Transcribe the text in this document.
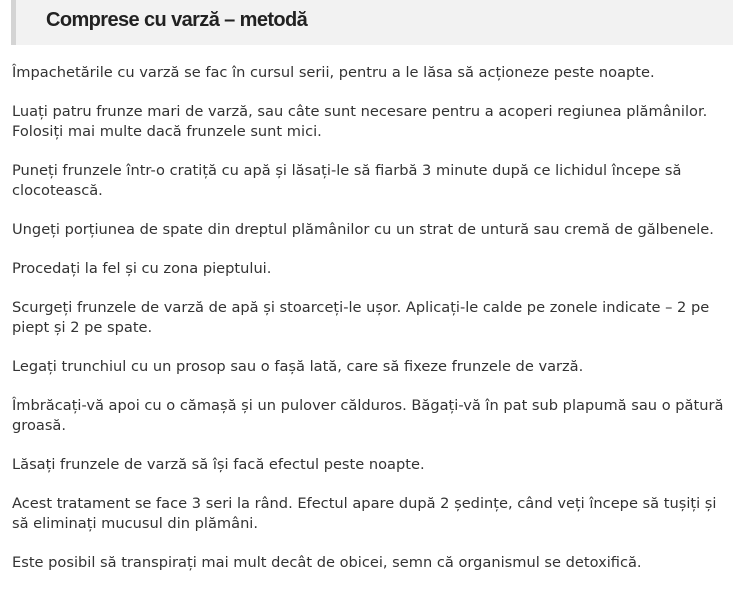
Comprese cu varză – metodă

Împachetările cu varză se fac în cursul serii, pentru a le lăsa să acționeze peste noapte.

Luați patru frunze mari de varză, sau câte sunt necesare pentru a acoperi regiunea plămânilor. Folosiți mai multe dacă frunzele sunt mici.

Puneți frunzele într-o cratiță cu apă și lăsați-le să fiarbă 3 minute după ce lichidul începe să clocotească.

Ungeți porțiunea de spate din dreptul plămânilor cu un strat de untură sau cremă de gălbenele.

Procedați la fel și cu zona pieptului.

Scurgeți frunzele de varză de apă și stoarceți-le ușor. Aplicați-le calde pe zonele indicate – 2 pe piept și 2 pe spate.

Legați trunchiul cu un prosop sau o fașă lată, care să fixeze frunzele de varză.

Îmbrăcați-vă apoi cu o cămașă și un pulover călduros. Băgați-vă în pat sub plapumă sau o pătură groasă.

Lăsați frunzele de varză să își facă efectul peste noapte.

Acest tratament se face 3 seri la rând. Efectul apare după 2 ședințe, când veți începe să tușiți și să eliminați mucusul din plămâni.

Este posibil să transpirați mai mult decât de obicei, semn că organismul se detoxifică.
